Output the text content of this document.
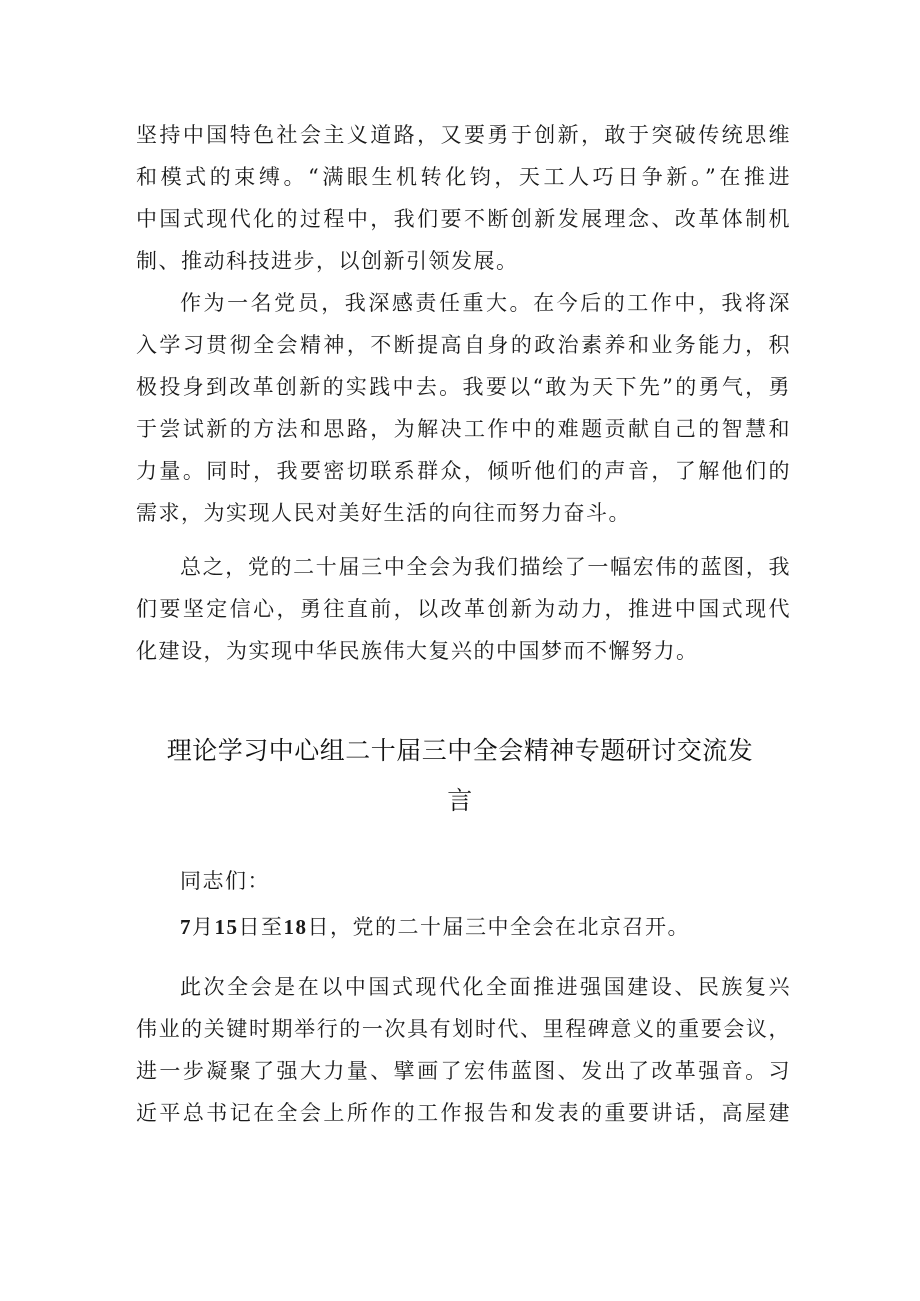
坚持中国特色社会主义道路，又要勇于创新，敢于突破传统思维
和模式的束缚。“满眼生机转化钧，天工人巧日争新。”在推进
中国式现代化的过程中，我们要不断创新发展理念、改革体制机
制、推动科技进步，以创新引领发展。
作为一名党员，我深感责任重大。在今后的工作中，我将深
入学习贯彻全会精神，不断提高自身的政治素养和业务能力，积
极投身到改革创新的实践中去。我要以“敢为天下先”的勇气，勇
于尝试新的方法和思路，为解决工作中的难题贡献自己的智慧和
力量。同时，我要密切联系群众，倾听他们的声音，了解他们的
需求，为实现人民对美好生活的向往而努力奋斗。
总之，党的二十届三中全会为我们描绘了一幅宏伟的蓝图，我
们要坚定信心，勇往直前，以改革创新为动力，推进中国式现代
化建设，为实现中华民族伟大复兴的中国梦而不懈努力。
理论学习中心组二十届三中全会精神专题研讨交流发
言
同志们：
7月15日至18日，党的二十届三中全会在北京召开。
此次全会是在以中国式现代化全面推进强国建设、民族复兴
伟业的关键时期举行的一次具有划时代、里程碑意义的重要会议，
进一步凝聚了强大力量、擘画了宏伟蓝图、发出了改革强音。习
近平总书记在全会上所作的工作报告和发表的重要讲话，高屋建
